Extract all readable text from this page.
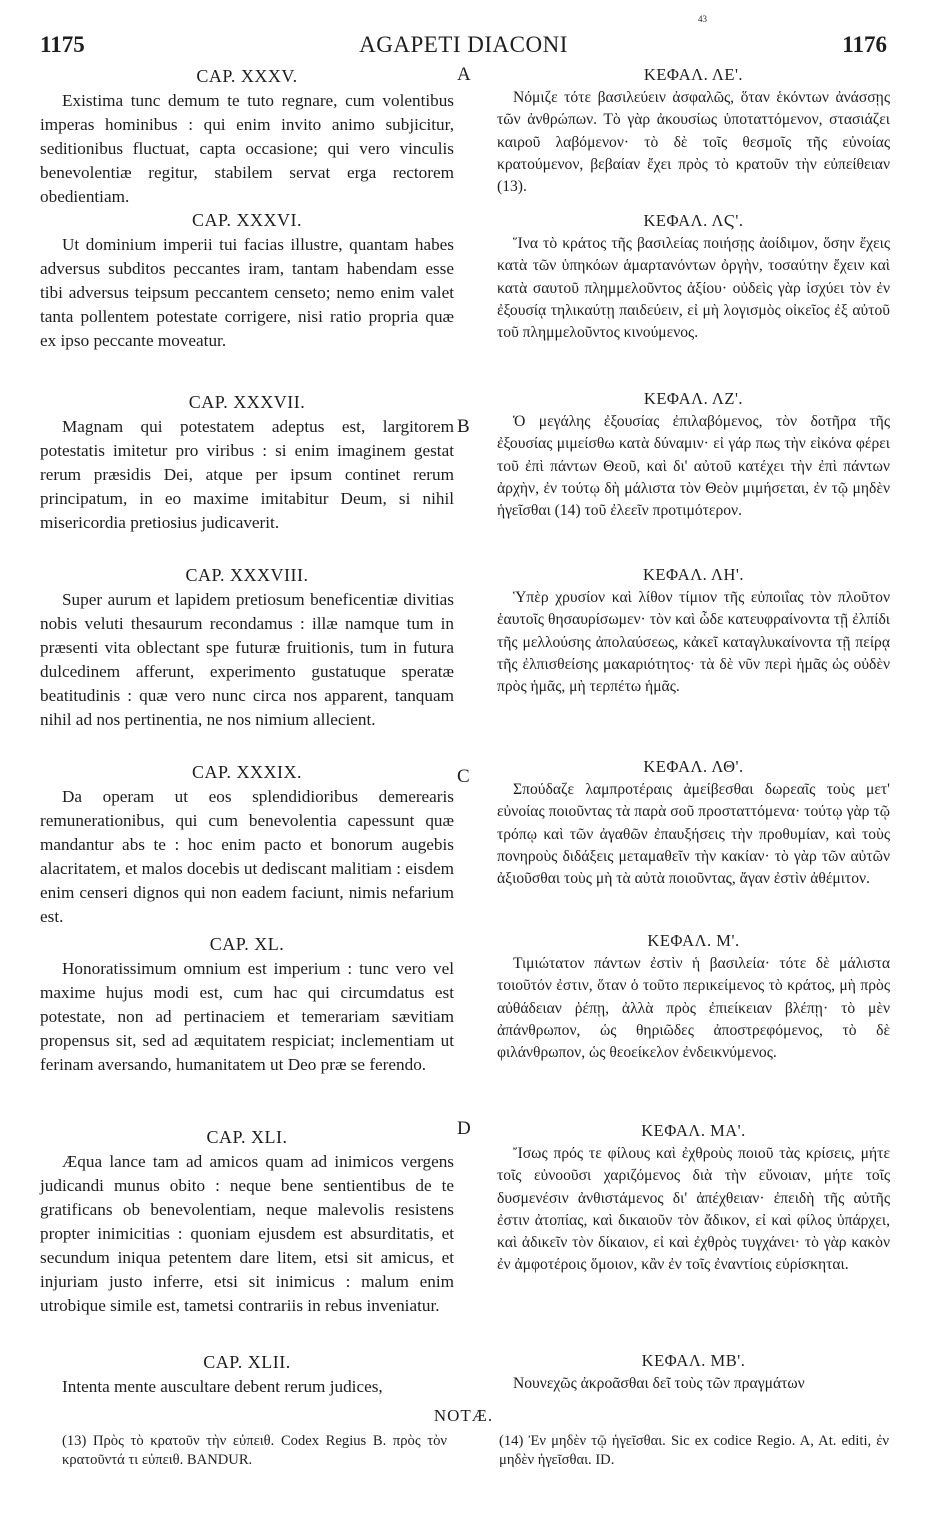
1175	AGAPETI DIACONI
43
1176
CAP. XXXV.
Existima tunc demum te tuto regnare, cum volentibus imperas hominibus : qui enim invito animo subjicitur, seditionibus fluctuat, capta occasione; qui vero vinculis benevolentiæ regitur, stabilem servat erga rectorem obedientiam.
CAP. XXXVI.
Ut dominium imperii tui facias illustre, quantam habes adversus subditos peccantes iram, tantam habendam esse tibi adversus teipsum peccantem censeto; nemo enim valet tanta pollentem potestate corrigere, nisi ratio propria quæ ex ipso peccante moveatur.
CAP. XXXVII.
Magnam qui potestatem adeptus est, largitorem potestatis imitetur pro viribus : si enim imaginem gestat rerum præsidis Dei, atque per ipsum continet rerum principatum, in eo maxime imitabitur Deum, si nihil misericordia pretiosius judicaverit.
CAP. XXXVIII.
Super aurum et lapidem pretiosum beneficentiæ divitias nobis veluti thesaurum recondamus : illæ namque tum in præsenti vita oblectant spe futuræ fruitionis, tum in futura dulcedinem afferunt, experimento gustatuque speratæ beatitudinis : quæ vero nunc circa nos apparent, tanquam nihil ad nos pertinentia, ne nos nimium allecient.
CAP. XXXIX.
Da operam ut eos splendidioribus demerearis remunerationibus, qui cum benevolentia capessunt quæ mandantur abs te : hoc enim pacto et bonorum augebis alacritatem, et malos docebis ut dediscant malitiam : eisdem enim censeri dignos qui non eadem faciunt, nimis nefarium est.
CAP. XL.
Honoratissimum omnium est imperium : tunc vero vel maxime hujus modi est, cum hac qui circumdatus est potestate, non ad pertinaciem et temerariam sævitiam propensus sit, sed ad æquitatem respiciat; inclementiam ut ferinam aversando, humanitatem ut Deo præ se ferendo.
CAP. XLI.
Æqua lance tam ad amicos quam ad inimicos vergens judicandi munus obito : neque bene sentientibus de te gratificans ob benevolentiam, neque malevolis resistens propter inimicitias : quoniam ejusdem est absurditatis, et secundum iniqua petentem dare litem, etsi sit amicus, et injuriam justo inferre, etsi sit inimicus : malum enim utrobique simile est, tametsi contrariis in rebus inveniatur.
CAP. XLII.
Intenta mente auscultare debent rerum judices,
A
B
C
D
ΚΕΦΑΛ. ΛΕ'.
Νόμιζε τότε βασιλεύειν ἀσφαλῶς, ὅταν ἑκόντων ἀνάσσῃς τῶν ἀνθρώπων. Τὸ γὰρ ἀκουσίως ὑποταττόμενον, στασιάζει καιροῦ λαβόμενον· τὸ δὲ τοῖς θεσμοῖς τῆς εὐνοίας κρατούμενον, βεβαίαν ἔχει πρὸς τὸ κρατοῦν τὴν εὐπείθειαν (13).
ΚΕΦΑΛ. ΛϚ'.
Ἵνα τὸ κράτος τῆς βασιλείας ποιήσῃς ἀοίδιμον, ὅσην ἔχεις κατὰ τῶν ὑπηκόων ἁμαρτανόντων ὀργὴν, τοσαύτην ἔχειν καὶ κατὰ σαυτοῦ πλημμελοῦντος ἀξίου· οὐδεὶς γὰρ ἰσχύει τὸν ἐν ἐξουσίᾳ τηλικαύτῃ παιδεύειν, εἰ μὴ λογισμὸς οἰκεῖος ἐξ αὐτοῦ τοῦ πλημμελοῦντος κινούμενος.
ΚΕΦΑΛ. ΛΖ'.
Ὁ μεγάλης ἐξουσίας ἐπιλαβόμενος, τὸν δοτῆρα τῆς ἐξουσίας μιμείσθω κατὰ δύναμιν· εἰ γάρ πως τὴν εἰκόνα φέρει τοῦ ἐπὶ πάντων Θεοῦ, καὶ δι' αὐτοῦ κατέχει τὴν ἐπὶ πάντων ἀρχὴν, ἐν τούτῳ δὴ μάλιστα τὸν Θεὸν μιμήσεται, ἐν τῷ μηδὲν ἡγεῖσθαι (14) τοῦ ἐλεεῖν προτιμότερον.
ΚΕΦΑΛ. ΛΗ'.
Ὑπὲρ χρυσίον καὶ λίθον τίμιον τῆς εὐποιΐας τὸν πλοῦτον ἑαυτοῖς θησαυρίσωμεν· τὸν καὶ ὧδε κατευφραίνοντα τῇ ἐλπίδι τῆς μελλούσης ἀπολαύσεως, κἀκεῖ καταγλυκαίνοντα τῇ πείρᾳ τῆς ἐλπισθείσης μακαριότητος· τὰ δὲ νῦν περὶ ἡμᾶς ὡς οὐδὲν πρὸς ἡμᾶς, μὴ τερπέτω ἡμᾶς.
ΚΕΦΑΛ. ΛΘ'.
Σπούδαζε λαμπροτέραις ἀμείβεσθαι δωρεαῖς τοὺς μετ' εὐνοίας ποιοῦντας τὰ παρὰ σοῦ προσταττόμενα· τούτῳ γὰρ τῷ τρόπῳ καὶ τῶν ἀγαθῶν ἐπαυξήσεις τὴν προθυμίαν, καὶ τοὺς πονηροὺς διδάξεις μεταμαθεῖν τὴν κακίαν· τὸ γὰρ τῶν αὐτῶν ἀξιοῦσθαι τοὺς μὴ τὰ αὐτὰ ποιοῦντας, ἄγαν ἐστὶν ἀθέμιτον.
ΚΕΦΑΛ. Μ'.
Τιμιώτατον πάντων ἐστὶν ἡ βασιλεία· τότε δὲ μάλιστα τοιοῦτόν ἐστιν, ὅταν ὁ τοῦτο περικείμενος τὸ κράτος, μὴ πρὸς αὐθάδειαν ῥέπῃ, ἀλλὰ πρὸς ἐπιείκειαν βλέπῃ· τὸ μὲν ἀπάνθρωπον, ὡς θηριῶδες ἀποστρεφόμενος, τὸ δὲ φιλάνθρωπον, ὡς θεοείκελον ἐνδεικνύμενος.
ΚΕΦΑΛ. ΜΑ'.
Ἴσως πρός τε φίλους καὶ ἐχθροὺς ποιοῦ τὰς κρίσεις, μήτε τοῖς εὐνοοῦσι χαριζόμενος διὰ τὴν εὔνοιαν, μήτε τοῖς δυσμενέσιν ἀνθιστάμενος δι' ἀπέχθειαν· ἐπειδὴ τῆς αὐτῆς ἐστιν ἀτοπίας, καὶ δικαιοῦν τὸν ἄδικον, εἰ καὶ φίλος ὑπάρχει, καὶ ἀδικεῖν τὸν δίκαιον, εἰ καὶ ἐχθρὸς τυγχάνει· τὸ γὰρ κακὸν ἐν ἀμφοτέροις ὅμοιον, κἂν ἐν τοῖς ἐναντίοις εὑρίσκηται.
ΚΕΦΑΛ. ΜΒ'.
Νουνεχῶς ἀκροᾶσθαι δεῖ τοὺς τῶν πραγμάτων
NOTÆ.
(13) Πρὸς τὸ κρατοῦν τὴν εὐπειθ. Codex Regius B. πρὸς τὸν κρατοῦντά τι εὐπειθ. BANDUR.
(14) Ἐν μηδὲν τῷ ἡγεῖσθαι. Sic ex codice Regio. A, At. editi, ἐν μηδὲν ἡγεῖσθαι. ID.
